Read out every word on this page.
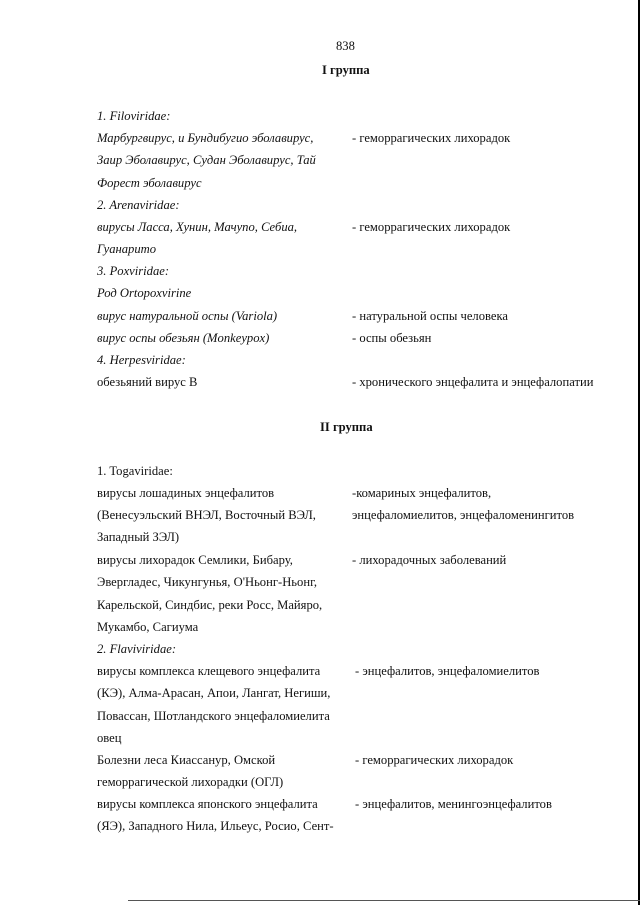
838

I группа

1. Filoviridae:

Марбургвирус, и Бундибугио эболавирус,	- геморрагических лихорадок

Заир Эболавирус, Судан Эболавирус, Тай

Форест эболавирус

2. Arenaviridae:

вирусы Ласса, Хунин, Мачупо, Себиа,	- геморрагических лихорадок

Гуанарито

3. Poxviridae:

Род Ortopoxvirine

вирус натуральной оспы (Variola)	- натуральной оспы человека

вирус оспы обезьян (Monkeypox)	- оспы обезьян

4. Herpesviridae:

обезьяний вирус В	- хронического энцефалита и энцефалопатии

II группа

1. Togaviridae:

вирусы лошадиных энцефалитов	-комариных энцефалитов,

(Венесуэльский ВНЭЛ, Восточный ВЭЛ,	энцефаломиелитов, энцефаломенингитов

Западный ЗЭЛ)

вирусы лихорадок Семлики, Бибару,	- лихорадочных заболеваний

Эвергладес, Чикунгунья, О'Ньонг-Ньонг,

Карельской, Синдбис, реки Росс, Майяро,

Мукамбо, Сагиума

2. Flaviviridae:

вирусы комплекса клещевого энцефалита	- энцефалитов, энцефаломиелитов

(КЭ), Алма-Арасан, Апои, Лангат, Негиши,

Повассан, Шотландского энцефаломиелита

овец

Болезни леса Киассанур, Омской	- геморрагических лихорадок

геморрагической лихорадки (ОГЛ)

вирусы комплекса японского энцефалита	- энцефалитов, менингоэнцефалитов

(ЯЭ), Западного Нила, Ильеус, Росио, Сент-
